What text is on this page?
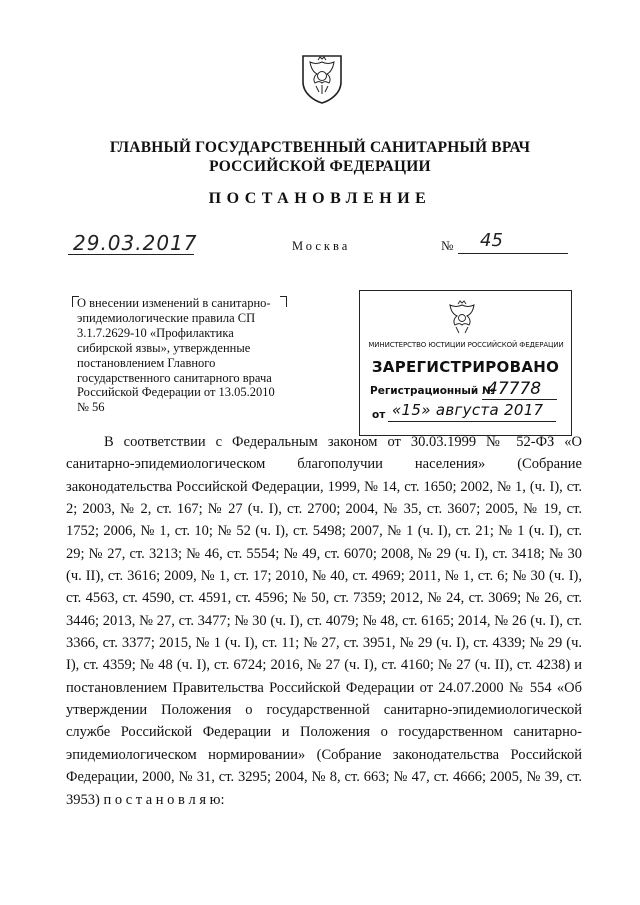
ГЛАВНЫЙ ГОСУДАРСТВЕННЫЙ САНИТАРНЫЙ ВРАЧ
РОССИЙСКОЙ ФЕДЕРАЦИИ
ПОСТАНОВЛЕНИЕ
29.03.2017	Москва	№ 45
О внесении изменений в санитарно-эпидемиологические правила СП 3.1.7.2629-10 «Профилактика сибирской язвы», утвержденные постановлением Главного государственного санитарного врача Российской Федерации от 13.05.2010 № 56
МИНИСТЕРСТВО ЮСТИЦИИ РОССИЙСКОЙ ФЕДЕРАЦИИ
ЗАРЕГИСТРИРОВАНО
Регистрационный №
47778
от «15» августа 2017

В соответствии с Федеральным законом от 30.03.1999 № 52-ФЗ «О санитарно-эпидемиологическом благополучии населения» (Собрание законодательства Российской Федерации, 1999, № 14, ст. 1650; 2002, № 1, (ч. I), ст. 2; 2003, № 2, ст. 167; № 27 (ч. I), ст. 2700; 2004, № 35, ст. 3607; 2005, № 19, ст. 1752; 2006, № 1, ст. 10; № 52 (ч. I), ст. 5498; 2007, № 1 (ч. I), ст. 21; № 1 (ч. I), ст. 29; № 27, ст. 3213; № 46, ст. 5554; № 49, ст. 6070; 2008, № 29 (ч. I), ст. 3418; № 30 (ч. II), ст. 3616; 2009, № 1, ст. 17; 2010, № 40, ст. 4969; 2011, № 1, ст. 6; № 30 (ч. I), ст. 4563, ст. 4590, ст. 4591, ст. 4596; № 50, ст. 7359; 2012, № 24, ст. 3069; № 26, ст. 3446; 2013, № 27, ст. 3477; № 30 (ч. I), ст. 4079; № 48, ст. 6165; 2014, № 26 (ч. I), ст. 3366, ст. 3377; 2015, № 1 (ч. I), ст. 11; № 27, ст. 3951, № 29 (ч. I), ст. 4339; № 29 (ч. I), ст. 4359; № 48 (ч. I), ст. 6724; 2016, № 27 (ч. I), ст. 4160; № 27 (ч. II), ст. 4238) и постановлением Правительства Российской Федерации от 24.07.2000 № 554 «Об утверждении Положения о государственной санитарно-эпидемиологической службе Российской Федерации и Положения о государственном санитарно-эпидемиологическом нормировании» (Собрание законодательства Российской Федерации, 2000, № 31, ст. 3295; 2004, № 8, ст. 663; № 47, ст. 4666; 2005, № 39, ст. 3953) п о с т а н о в л я ю:
